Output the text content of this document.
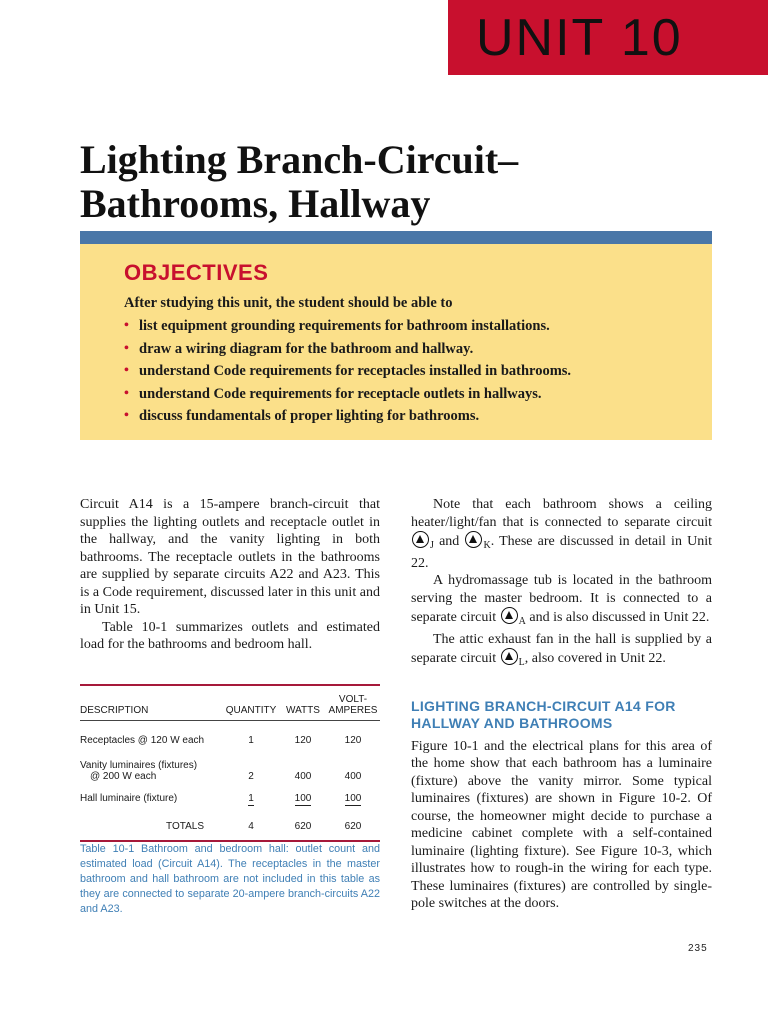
UNIT 10
Lighting Branch-Circuit–
Bathrooms, Hallway
OBJECTIVES

After studying this unit, the student should be able to

• list equipment grounding requirements for bathroom installations.
• draw a wiring diagram for the bathroom and hallway.
• understand Code requirements for receptacles installed in bathrooms.
• understand Code requirements for receptacle outlets in hallways.
• discuss fundamentals of proper lighting for bathrooms.

Circuit A14 is a 15-ampere branch-circuit that supplies the lighting outlets and receptacle outlet in the hallway, and the vanity lighting in both bathrooms. The receptacle outlets in the bathrooms are supplied by separate circuits A22 and A23. This is a Code requirement, discussed later in this unit and in Unit 15.

Table 10-1 summarizes outlets and estimated load for the bathrooms and bedroom hall.

DESCRIPTION	QUANTITY	WATTS	VOLT-
AMPERES
Receptacles @ 120 W each	1	120	120
Vanity luminaires (fixtures)
@ 200 W each	2	400	400
Hall luminaire (fixture)	1	100	100
TOTALS	4	620	620

Table 10-1 Bathroom and bedroom hall: outlet count and estimated load (Circuit A14). The receptacles in the master bathroom and hall bathroom are not included in this table as they are connected to separate 20-ampere branch-circuits A22 and A23.

Note that each bathroom shows a ceiling heater/light/fan that is connected to separate circuit $_J$ and $_K$. These are discussed in detail in Unit 22.

A hydromassage tub is located in the bathroom serving the master bedroom. It is connected to a separate circuit $_A$ and is also discussed in Unit 22.

The attic exhaust fan in the hall is supplied by a separate circuit $_L$, also covered in Unit 22.

LIGHTING BRANCH-CIRCUIT A14 FOR HALLWAY AND BATHROOMS

Figure 10-1 and the electrical plans for this area of the home show that each bathroom has a luminaire (fixture) above the vanity mirror. Some typical luminaires (fixtures) are shown in Figure 10-2. Of course, the homeowner might decide to purchase a medicine cabinet complete with a self-contained luminaire (lighting fixture). See Figure 10-3, which illustrates how to rough-in the wiring for each type. These luminaires (fixtures) are controlled by single-pole switches at the doors.

235
